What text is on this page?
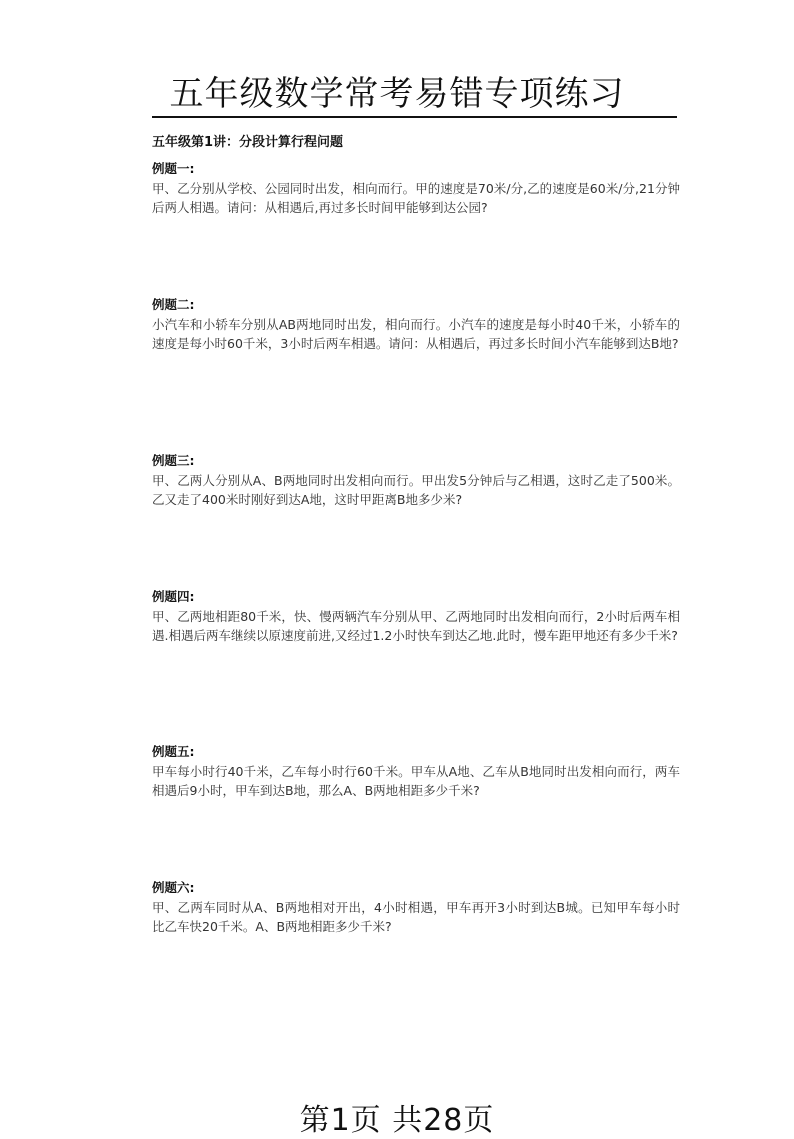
五年级数学常考易错专项练习
五年级第1讲：分段计算行程问题
例题一:
甲、乙分别从学校、公园同时出发，相向而行。甲的速度是70米/分,乙的速度是60米/分,21分钟后两人相遇。请问：从相遇后,再过多长时间甲能够到达公园?
例题二:
小汽车和小轿车分别从AB两地同时出发，相向而行。小汽车的速度是每小时40千米，小轿车的速度是每小时60千米，3小时后两车相遇。请问：从相遇后，再过多长时间小汽车能够到达B地?
例题三:
甲、乙两人分别从A、B两地同时出发相向而行。甲出发5分钟后与乙相遇，这时乙走了500米。乙又走了400米时刚好到达A地，这时甲距离B地多少米?
例题四:
甲、乙两地相距80千米，快、慢两辆汽车分别从甲、乙两地同时出发相向而行，2小时后两车相遇.相遇后两车继续以原速度前进,又经过1.2小时快车到达乙地.此时，慢车距甲地还有多少千米?
例题五:
甲车每小时行40千米，乙车每小时行60千米。甲车从A地、乙车从B地同时出发相向而行，两车相遇后9小时，甲车到达B地，那么A、B两地相距多少千米?
例题六:
甲、乙两车同时从A、B两地相对开出，4小时相遇，甲车再开3小时到达B城。已知甲车每小时比乙车快20千米。A、B两地相距多少千米?
第1页 共28页
